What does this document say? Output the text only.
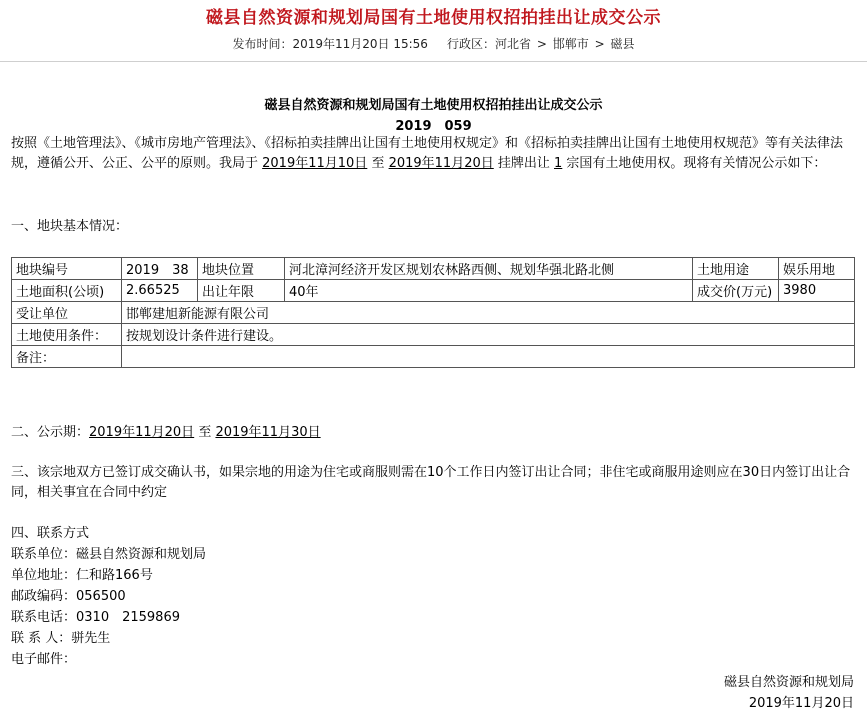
磁县自然资源和规划局国有土地使用权招拍挂出让成交公示
发布时间：2019年11月20日 15:56 行政区：河北省 > 邯郸市 > 磁县
磁县自然资源和规划局国有土地使用权招拍挂出让成交公示
2019　059
按照《土地管理法》、《城市房地产管理法》、《招标拍卖挂牌出让国有土地使用权规定》和《招标拍卖挂牌出让国有土地使用权规范》等有关法律法规，遵循公开、公正、公平的原则。我局于 2019年11月10日 至 2019年11月20日 挂牌出让 1 宗国有土地使用权。现将有关情况公示如下：
一、地块基本情况：
地块编号	2019　38	地块位置	河北漳河经济开发区规划农林路西侧、规划华强北路北侧	土地用途	娱乐用地
土地面积(公顷)	2.66525	出让年限	40年	成交价(万元)	3980
受让单位	邯郸建旭新能源有限公司				
土地使用条件：	按规划设计条件进行建设。				
备注：					
二、公示期：2019年11月20日 至 2019年11月30日
三、该宗地双方已签订成交确认书，如果宗地的用途为住宅或商服则需在10个工作日内签订出让合同；非住宅或商服用途则应在30日内签订出让合同，相关事宜在合同中约定
四、联系方式
联系单位：磁县自然资源和规划局
单位地址：仁和路166号
邮政编码：056500
联系电话：0310　2159869
联 系 人：骈先生
电子邮件：
磁县自然资源和规划局
2019年11月20日
